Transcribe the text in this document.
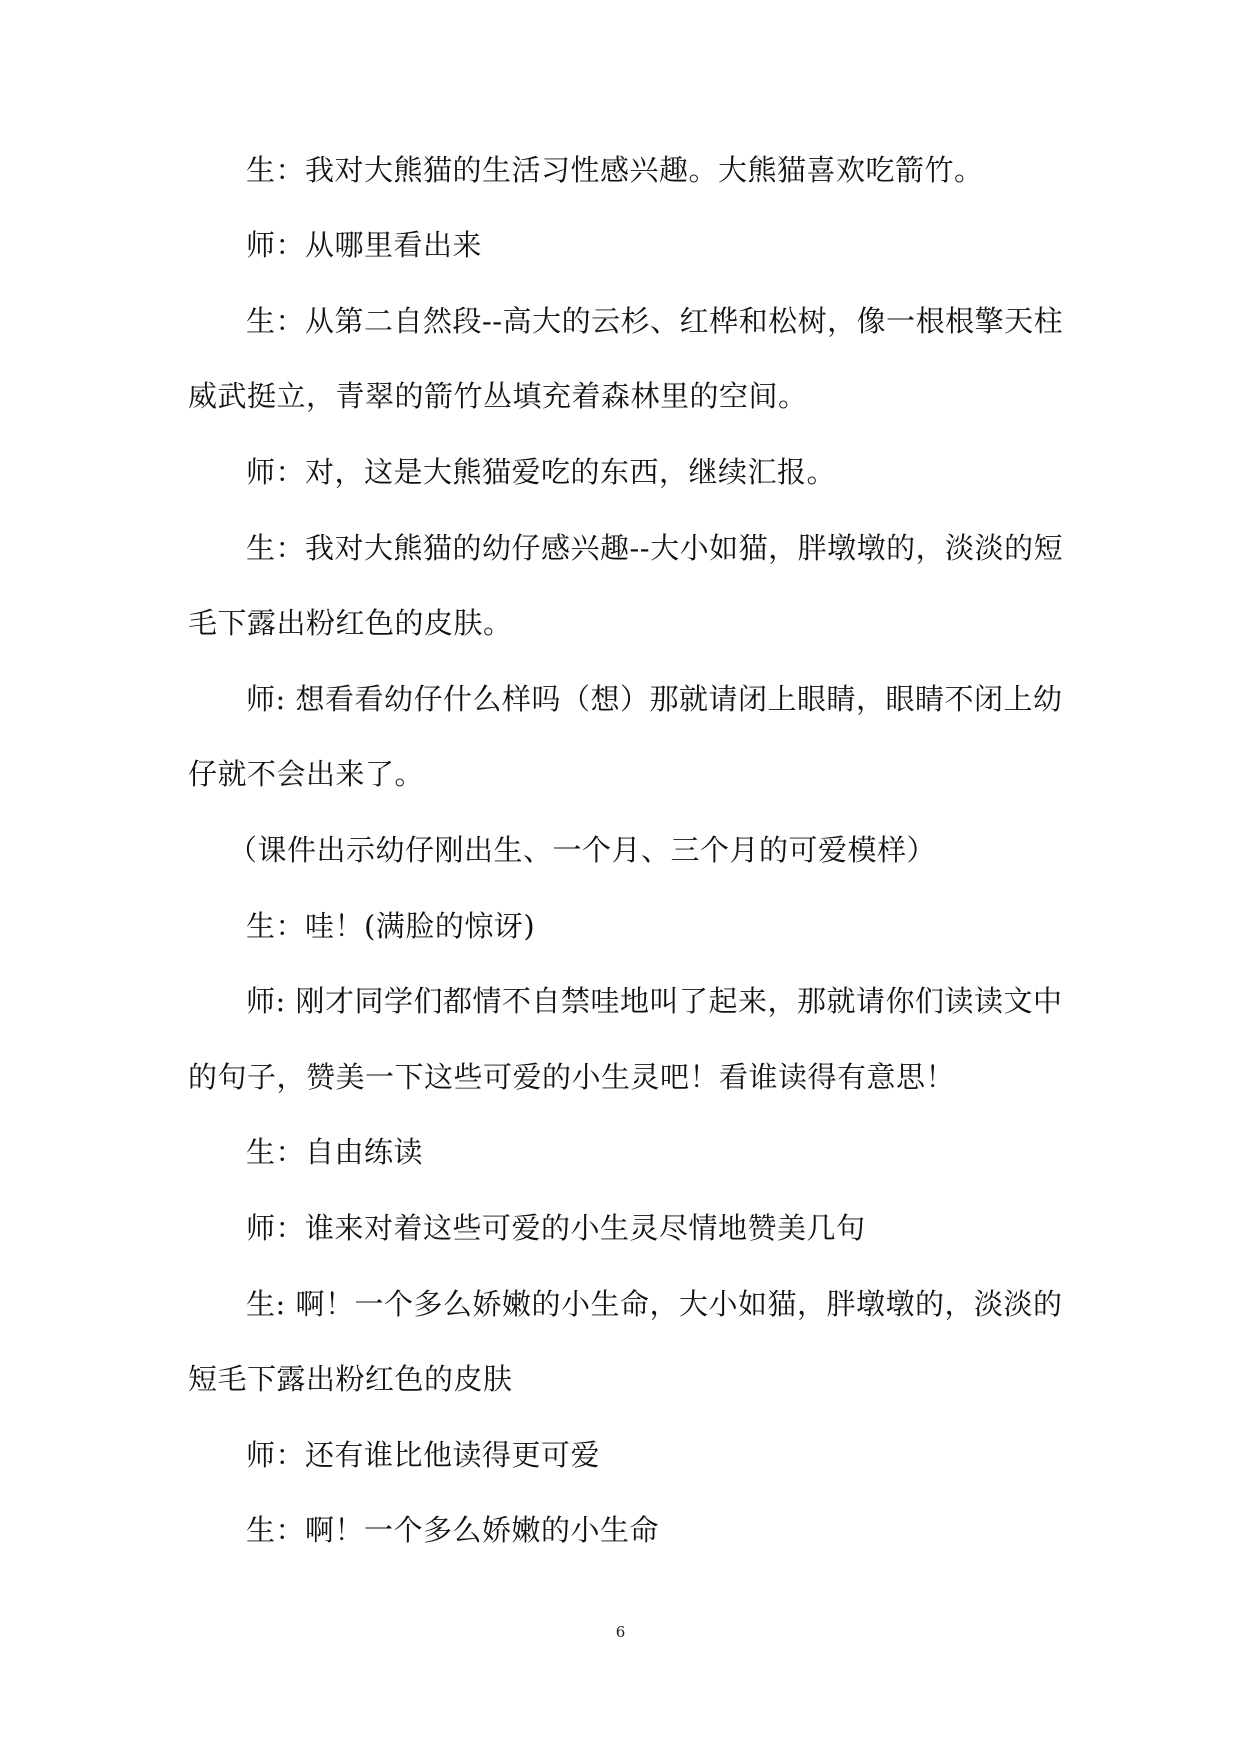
生：我对大熊猫的生活习性感兴趣。大熊猫喜欢吃箭竹。
师：从哪里看出来
生：从第二自然段--高大的云杉、红桦和松树，像一根根擎天柱
威武挺立，青翠的箭竹丛填充着森林里的空间。
师：对，这是大熊猫爱吃的东西，继续汇报。
生：我对大熊猫的幼仔感兴趣--大小如猫，胖墩墩的，淡淡的短
毛下露出粉红色的皮肤。
师: 想看看幼仔什么样吗（想）那就请闭上眼睛，眼睛不闭上幼
仔就不会出来了。
（课件出示幼仔刚出生、一个月、三个月的可爱模样）
生：哇！(满脸的惊讶)
师: 刚才同学们都情不自禁哇地叫了起来，那就请你们读读文中
的句子，赞美一下这些可爱的小生灵吧！看谁读得有意思！
生：自由练读
师：谁来对着这些可爱的小生灵尽情地赞美几句
生: 啊！一个多么娇嫩的小生命，大小如猫，胖墩墩的，淡淡的
短毛下露出粉红色的皮肤
师：还有谁比他读得更可爱
生：啊！一个多么娇嫩的小生命
6
